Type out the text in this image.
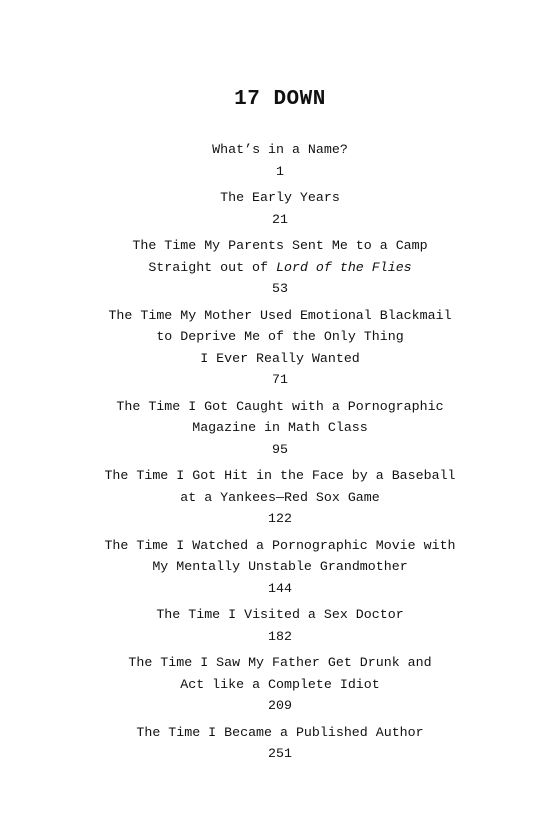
17 DOWN
What’s in a Name?
1
The Early Years
21
The Time My Parents Sent Me to a Camp
Straight out of Lord of the Flies
53
The Time My Mother Used Emotional Blackmail
to Deprive Me of the Only Thing
I Ever Really Wanted
71
The Time I Got Caught with a Pornographic
Magazine in Math Class
95
The Time I Got Hit in the Face by a Baseball
at a Yankees—Red Sox Game
122
The Time I Watched a Pornographic Movie with
My Mentally Unstable Grandmother
144
The Time I Visited a Sex Doctor
182
The Time I Saw My Father Get Drunk and
Act like a Complete Idiot
209
The Time I Became a Published Author
251
